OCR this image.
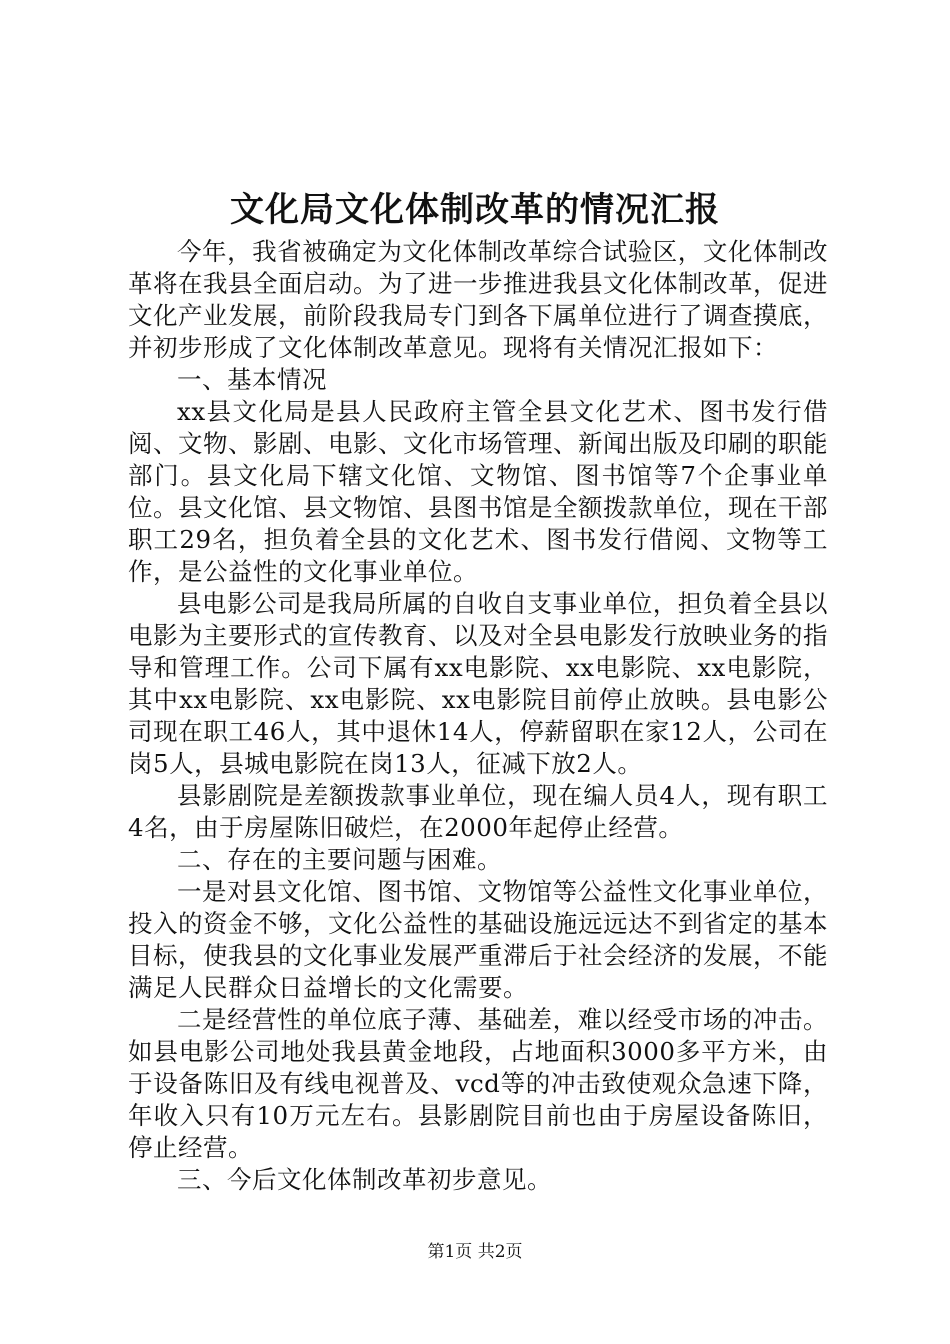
文化局文化体制改革的情况汇报

今年，我省被确定为文化体制改革综合试验区，文化体制改革将在我县全面启动。为了进一步推进我县文化体制改革，促进文化产业发展，前阶段我局专门到各下属单位进行了调查摸底，并初步形成了文化体制改革意见。现将有关情况汇报如下：

一、基本情况

xx县文化局是县人民政府主管全县文化艺术、图书发行借阅、文物、影剧、电影、文化市场管理、新闻出版及印刷的职能部门。县文化局下辖文化馆、文物馆、图书馆等7个企事业单位。县文化馆、县文物馆、县图书馆是全额拨款单位，现在干部职工29名，担负着全县的文化艺术、图书发行借阅、文物等工作，是公益性的文化事业单位。

县电影公司是我局所属的自收自支事业单位，担负着全县以电影为主要形式的宣传教育、以及对全县电影发行放映业务的指导和管理工作。公司下属有xx电影院、xx电影院、xx电影院，其中xx电影院、xx电影院、xx电影院目前停止放映。县电影公司现在职工46人，其中退休14人，停薪留职在家12人，公司在岗5人，县城电影院在岗13人，征减下放2人。

县影剧院是差额拨款事业单位，现在编人员4人，现有职工4名，由于房屋陈旧破烂，在2000年起停止经营。

二、存在的主要问题与困难。

一是对县文化馆、图书馆、文物馆等公益性文化事业单位，投入的资金不够，文化公益性的基础设施远远达不到省定的基本目标，使我县的文化事业发展严重滞后于社会经济的发展，不能满足人民群众日益增长的文化需要。

二是经营性的单位底子薄、基础差，难以经受市场的冲击。如县电影公司地处我县黄金地段，占地面积3000多平方米，由于设备陈旧及有线电视普及、vcd等的冲击致使观众急速下降，年收入只有10万元左右。县影剧院目前也由于房屋设备陈旧，停止经营。

三、今后文化体制改革初步意见。

第1页 共2页
